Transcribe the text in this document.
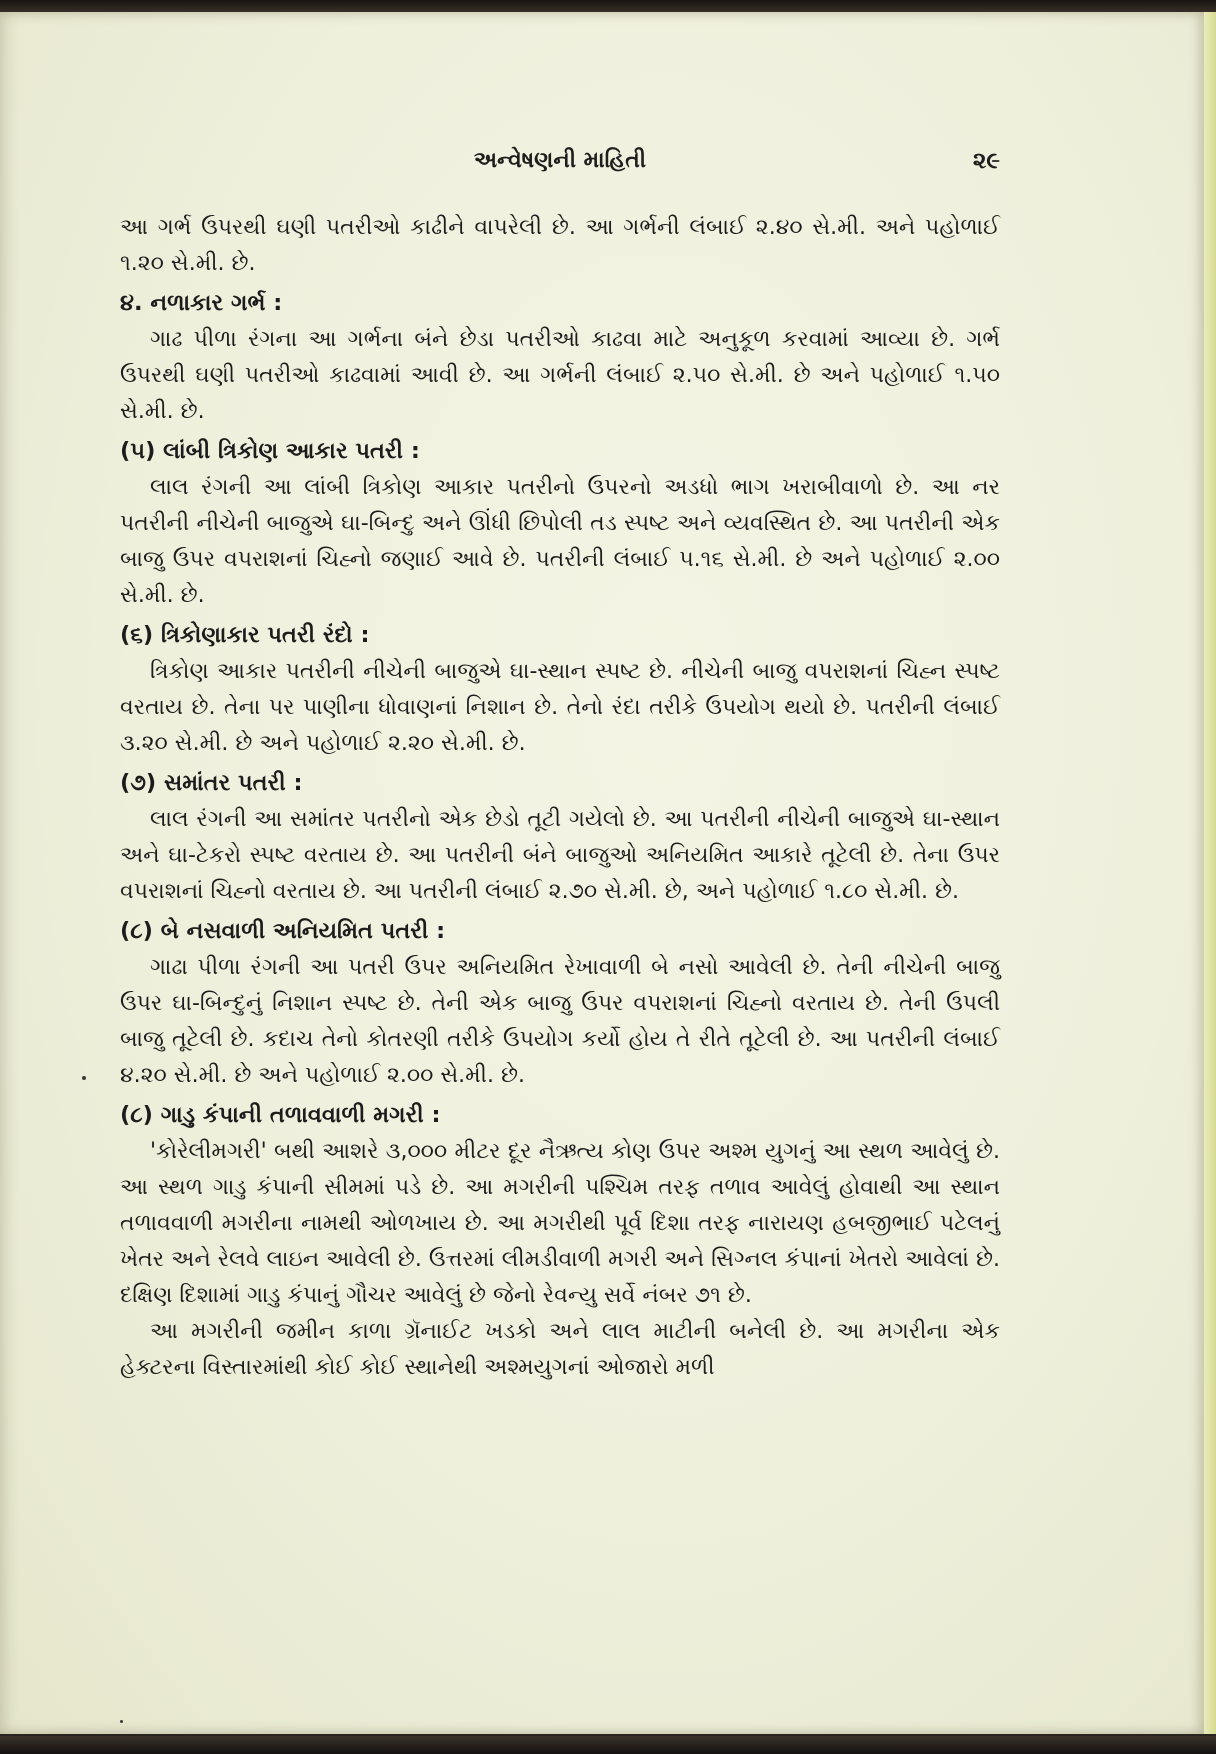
અન્વેષણની માહિતી	૨૯

આ ગર્ભ ઉપરથી ઘણી પતરીઓ કાઢીને વાપરેલી છે. આ ગર્ભની લંબાઈ ૨.૪૦ સે.મી. અને પહોળાઈ ૧.૨૦ સે.મી. છે.

૪. નળાકાર ગર્ભ :

ગાઢ પીળા રંગના આ ગર્ભના બંને છેડા પતરીઓ કાઢવા માટે અનુકૂળ કરવામાં આવ્યા છે. ગર્ભ ઉપરથી ઘણી પતરીઓ કાઢવામાં આવી છે. આ ગર્ભની લંબાઈ ૨.૫૦ સે.મી. છે અને પહોળાઈ ૧.૫૦ સે.મી. છે.

(૫) લાંબી ત્રિકોણ આકાર પતરી :

લાલ રંગની આ લાંબી ત્રિકોણ આકાર પતરીનો ઉપરનો અડધો ભાગ ખરાબીવાળો છે. આ નર પતરીની નીચેની બાજુએ ઘા-બિન્દુ અને ઊંધી છિપોલી તડ સ્પષ્ટ અને વ્યવસ્થિત છે. આ પતરીની એક બાજુ ઉપર વપરાશનાં ચિહ્નો જણાઈ આવે છે. પતરીની લંબાઈ ૫.૧૬ સે.મી. છે અને પહોળાઈ ૨.૦૦ સે.મી. છે.

(૬) ત્રિકોણાકાર પતરી રંદો :

ત્રિકોણ આકાર પતરીની નીચેની બાજુએ ઘા-સ્થાન સ્પષ્ટ છે. નીચેની બાજુ વપરાશનાં ચિહ્ન સ્પષ્ટ વરતાય છે. તેના પર પાણીના ધોવાણનાં નિશાન છે. તેનો રંદા તરીકે ઉપયોગ થયો છે. પતરીની લંબાઈ ૩.૨૦ સે.મી. છે અને પહોળાઈ ૨.૨૦ સે.મી. છે.

(૭) સમાંતર પતરી :

લાલ રંગની આ સમાંતર પતરીનો એક છેડો તૂટી ગયેલો છે. આ પતરીની નીચેની બાજુએ ઘા-સ્થાન અને ઘા-ટેકરો સ્પષ્ટ વરતાય છે. આ પતરીની બંને બાજુઓ અનિયમિત આકારે તૂટેલી છે. તેના ઉપર વપરાશનાં ચિહ્નો વરતાય છે. આ પતરીની લંબાઈ ૨.૭૦ સે.મી. છે, અને પહોળાઈ ૧.૮૦ સે.મી. છે.

(૮) બે નસવાળી અનિયમિત પતરી :

ગાઢા પીળા રંગની આ પતરી ઉપર અનિયમિત રેખાવાળી બે નસો આવેલી છે. તેની નીચેની બાજુ ઉપર ઘા-બિન્દુનું નિશાન સ્પષ્ટ છે. તેની એક બાજુ ઉપર વપરાશનાં ચિહ્નો વરતાય છે. તેની ઉપલી બાજુ તૂટેલી છે. કદાચ તેનો કોતરણી તરીકે ઉપયોગ કર્યો હોય તે રીતે તૂટેલી છે. આ પતરીની લંબાઈ ૪.૨૦ સે.મી. છે અને પહોળાઈ ૨.૦૦ સે.મી. છે.

(૮) ગાડુ કંપાની તળાવવાળી મગરી :

'કોરેલીમગરી' બથી આશરે ૩,૦૦૦ મીટર દૂર નૈઋત્ય કોણ ઉપર અશ્મ યુગનું આ સ્થળ આવેલું છે. આ સ્થળ ગાડુ કંપાની સીમમાં પડે છે. આ મગરીની પશ્ચિમ તરફ તળાવ આવેલું હોવાથી આ સ્થાન તળાવવાળી મગરીના નામથી ઓળખાય છે. આ મગરીથી પૂર્વ દિશા તરફ નારાયણ હબજીભાઈ પટેલનું ખેતર અને રેલવે લાઇન આવેલી છે. ઉત્તરમાં લીમડીવાળી મગરી અને સિગ્નલ કંપાનાં ખેતરો આવેલાં છે. દક્ષિણ દિશામાં ગાડુ કંપાનું ગૌચર આવેલું છે જેનો રેવન્યુ સર્વે નંબર ૭૧ છે.

આ મગરીની જમીન કાળા ગ્રૅનાઈટ ખડકો અને લાલ માટીની બનેલી છે. આ મગરીના એક હેક્ટરના વિસ્તારમાંથી કોઈ કોઈ સ્થાનેથી અશ્મયુગનાં ઓજારો મળી
